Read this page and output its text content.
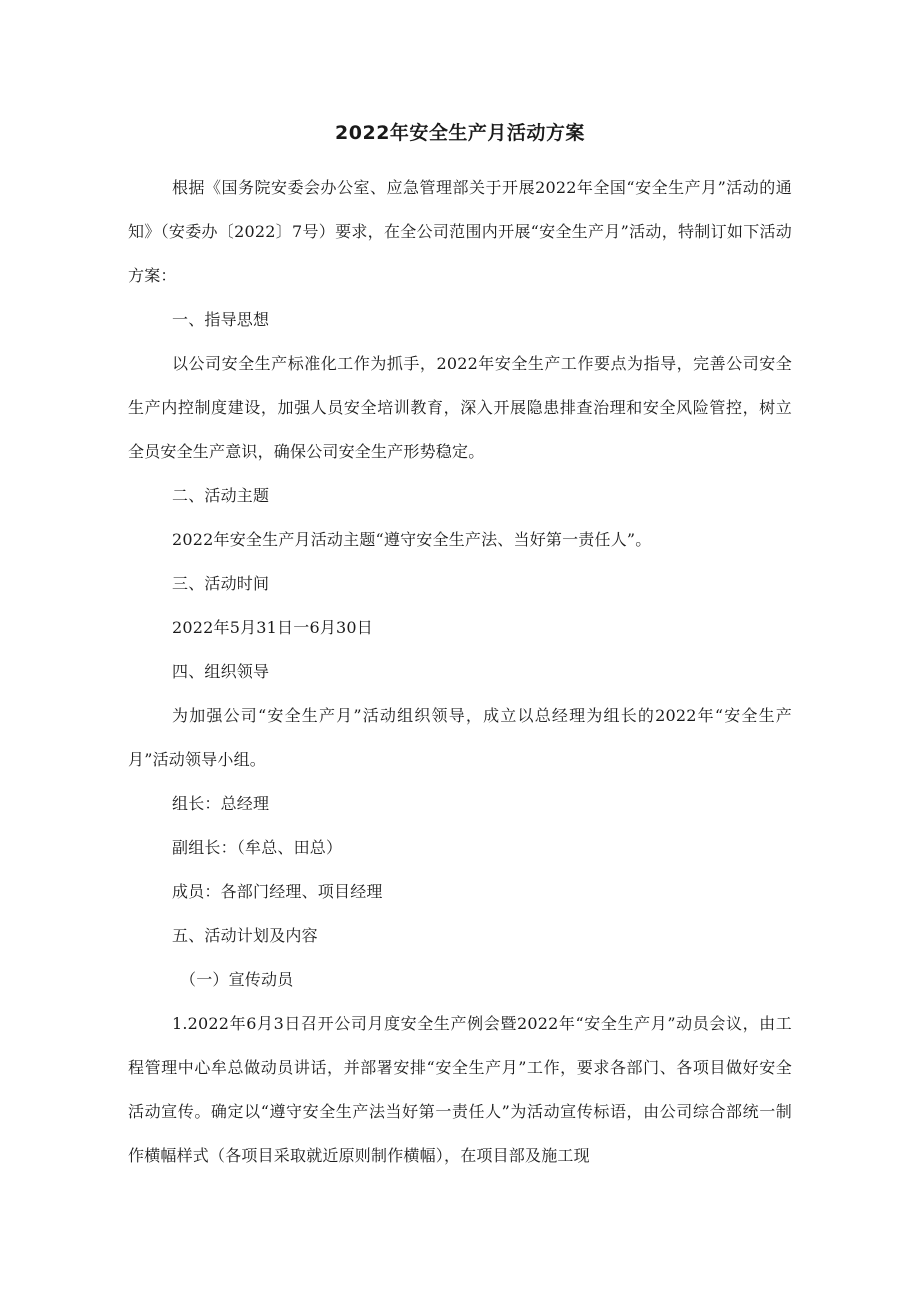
2022年安全生产月活动方案

根据《国务院安委会办公室、应急管理部关于开展2022年全国“安全生产月”活动的通知》（安委办〔2022〕7号）要求，在全公司范围内开展“安全生产月”活动，特制订如下活动方案：

一、指导思想

以公司安全生产标准化工作为抓手，2022年安全生产工作要点为指导，完善公司安全生产内控制度建设，加强人员安全培训教育，深入开展隐患排查治理和安全风险管控，树立全员安全生产意识，确保公司安全生产形势稳定。

二、活动主题

2022年安全生产月活动主题“遵守安全生产法、当好第一责任人”。

三、活动时间

2022年5月31日一6月30日

四、组织领导

为加强公司“安全生产月”活动组织领导，成立以总经理为组长的2022年“安全生产月”活动领导小组。

组长：总经理

副组长：（牟总、田总）

成员：各部门经理、项目经理

五、活动计划及内容

（一）宣传动员

1.2022年6月3日召开公司月度安全生产例会暨2022年“安全生产月”动员会议，由工程管理中心牟总做动员讲话，并部署安排“安全生产月”工作，要求各部门、各项目做好安全活动宣传。确定以“遵守安全生产法当好第一责任人”为活动宣传标语，由公司综合部统一制作横幅样式（各项目采取就近原则制作横幅），在项目部及施工现
